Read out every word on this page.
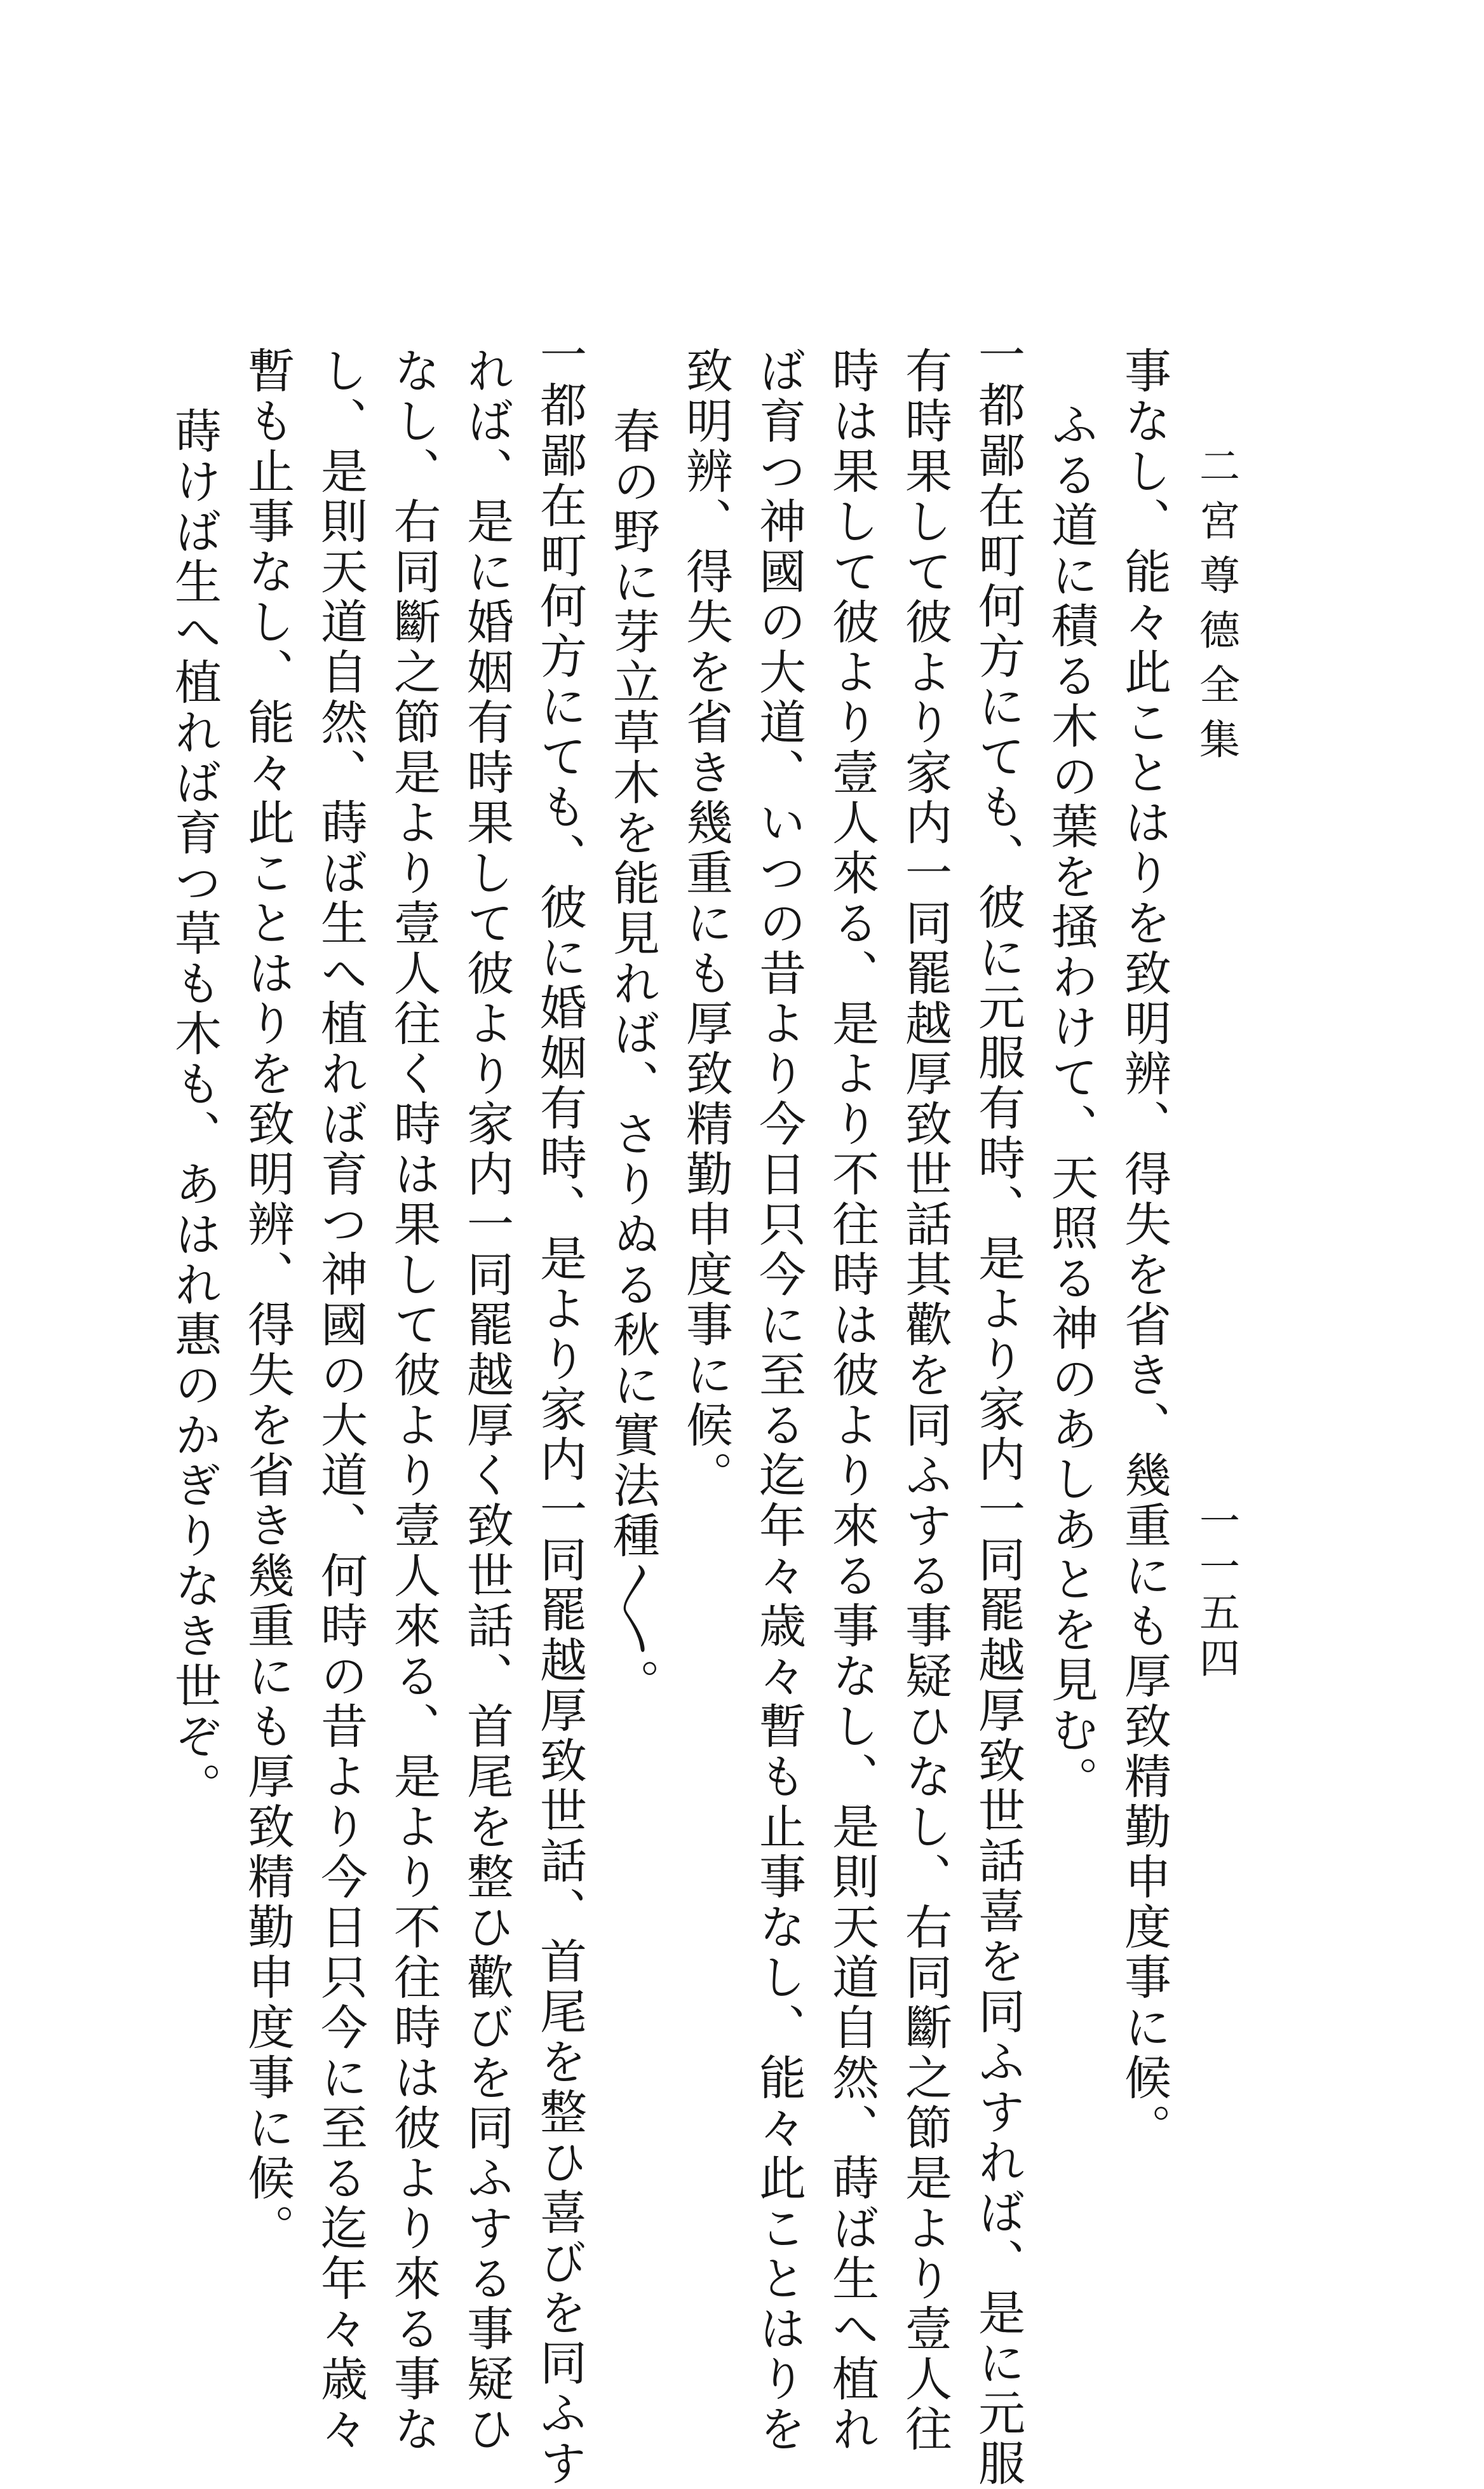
二宮尊德全集
一一五四
事なし、能々此ことはりを致明辨、得失を省き、幾重にも厚致精勤申度事に候。
ふる道に積る木の葉を掻わけて、天照る神のあしあとを見む。
一都鄙在町何方にても、彼に元服有時、是より家内一同罷越厚致世話喜を同ふすれば、是に元服
有時果して彼より家内一同罷越厚致世話其歡を同ふする事疑ひなし、右同斷之節是より壹人往
時は果して彼より壹人來る、是より不往時は彼より來る事なし、是則天道自然、蒔ば生へ植れ
ば育つ神國の大道、いつの昔より今日只今に至る迄年々歳々暫も止事なし、能々此ことはりを
致明辨、得失を省き幾重にも厚致精勤申度事に候。
春の野に芽立草木を能見れば、さりぬる秋に實法種〳〵。
一都鄙在町何方にても、彼に婚姻有時、是より家内一同罷越厚致世話、首尾を整ひ喜びを同ふす
れば、是に婚姻有時果して彼より家内一同罷越厚く致世話、首尾を整ひ歡びを同ふする事疑ひ
なし、右同斷之節是より壹人往く時は果して彼より壹人來る、是より不往時は彼より來る事な
し、是則天道自然、蒔ば生へ植れば育つ神國の大道、何時の昔より今日只今に至る迄年々歳々
暫も止事なし、能々此ことはりを致明辨、得失を省き幾重にも厚致精勤申度事に候。
蒔けば生へ植れば育つ草も木も、あはれ惠のかぎりなき世ぞ。
